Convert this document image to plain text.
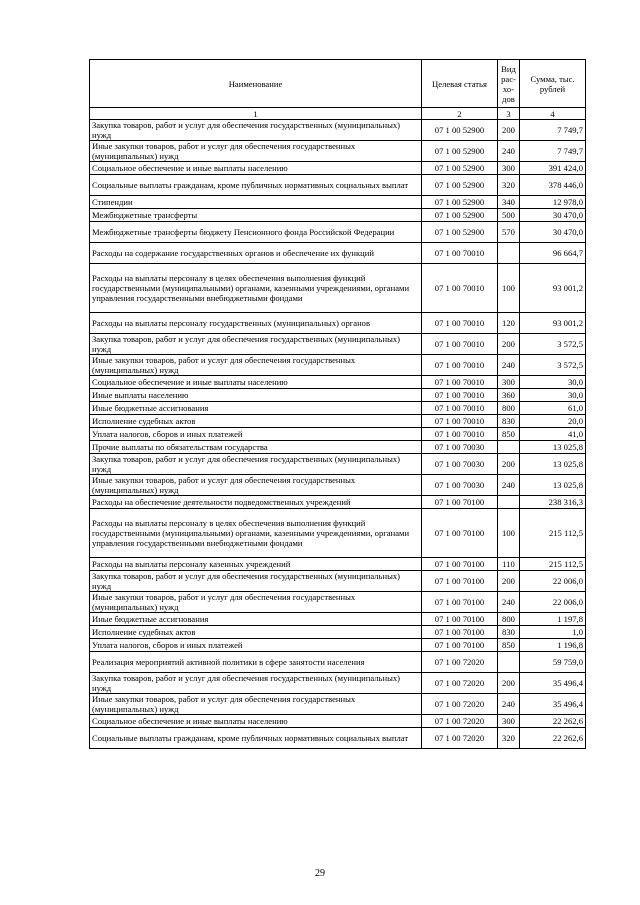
Наименование	Целевая статья	Вид рас-хо-дов	Сумма, тыс. рублей
1	2	3	4
Закупка товаров, работ и услуг для обеспечения государственных (муниципальных) нужд	07 1 00 52900	200	7 749,7
Иные закупки товаров, работ и услуг для обеспечения государственных (муниципальных) нужд	07 1 00 52900	240	7 749,7
Социальное обеспечение и иные выплаты населению	07 1 00 52900	300	391 424,0
Социальные выплаты гражданам, кроме публичных нормативных социальных выплат	07 1 00 52900	320	378 446,0
Стипендии	07 1 00 52900	340	12 978,0
Межбюджетные трансферты	07 1 00 52900	500	30 470,0
Межбюджетные трансферты бюджету Пенсионного фонда Российской Федерации	07 1 00 52900	570	30 470,0
Расходы на содержание государственных органов и обеспечение их функций	07 1 00 70010		96 664,7
Расходы на выплаты персоналу в целях обеспечения выполнения функций государственными (муниципальными) органами, казенными учреждениями, органами управления государственными внебюджетными фондами	07 1 00 70010	100	93 001,2
Расходы на выплаты персоналу государственных (муниципальных) органов	07 1 00 70010	120	93 001,2
Закупка товаров, работ и услуг для обеспечения государственных (муниципальных) нужд	07 1 00 70010	200	3 572,5
Иные закупки товаров, работ и услуг для обеспечения государственных (муниципальных) нужд	07 1 00 70010	240	3 572,5
Социальное обеспечение и иные выплаты населению	07 1 00 70010	300	30,0
Иные выплаты населению	07 1 00 70010	360	30,0
Иные бюджетные ассигнования	07 1 00 70010	800	61,0
Исполнение судебных актов	07 1 00 70010	830	20,0
Уплата налогов, сборов и иных платежей	07 1 00 70010	850	41,0
Прочие выплаты по обязательствам государства	07 1 00 70030		13 025,8
Закупка товаров, работ и услуг для обеспечения государственных (муниципальных) нужд	07 1 00 70030	200	13 025,8
Иные закупки товаров, работ и услуг для обеспечения государственных (муниципальных) нужд	07 1 00 70030	240	13 025,8
Расходы на обеспечение деятельности подведомственных учреждений	07 1 00 70100		238 316,3
Расходы на выплаты персоналу в целях обеспечения выполнения функций государственными (муниципальными) органами, казенными учреждениями, органами управления государственными внебюджетными фондами	07 1 00 70100	100	215 112,5
Расходы на выплаты персоналу казенных учреждений	07 1 00 70100	110	215 112,5
Закупка товаров, работ и услуг для обеспечения государственных (муниципальных) нужд	07 1 00 70100	200	22 006,0
Иные закупки товаров, работ и услуг для обеспечения государственных (муниципальных) нужд	07 1 00 70100	240	22 006,0
Иные бюджетные ассигнования	07 1 00 70100	800	1 197,8
Исполнение судебных актов	07 1 00 70100	830	1,0
Уплата налогов, сборов и иных платежей	07 1 00 70100	850	1 196,8
Реализация мероприятий активной политики в сфере занятости населения	07 1 00 72020		59 759,0
Закупка товаров, работ и услуг для обеспечения государственных (муниципальных) нужд	07 1 00 72020	200	35 496,4
Иные закупки товаров, работ и услуг для обеспечения государственных (муниципальных) нужд	07 1 00 72020	240	35 496,4
Социальное обеспечение и иные выплаты населению	07 1 00 72020	300	22 262,6
Социальные выплаты гражданам, кроме публичных нормативных социальных выплат	07 1 00 72020	320	22 262,6
29
